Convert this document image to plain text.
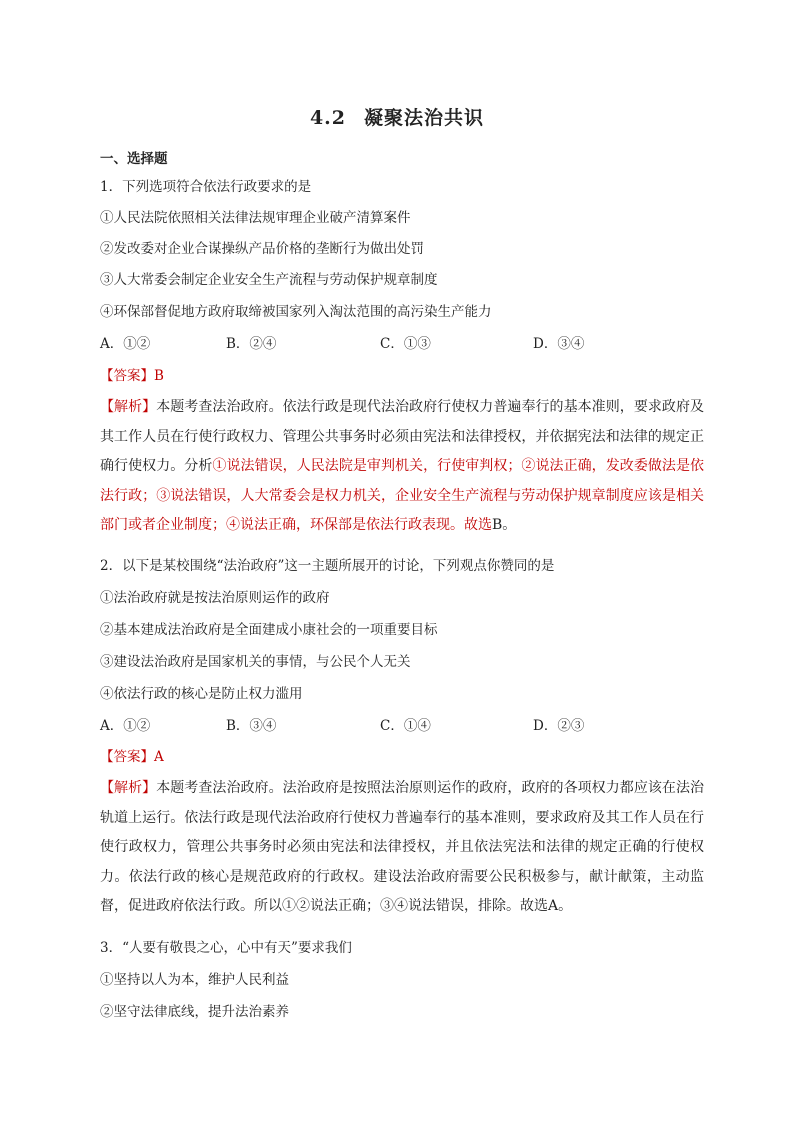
4.2 凝聚法治共识
一、选择题
1．下列选项符合依法行政要求的是
①人民法院依照相关法律法规审理企业破产清算案件
②发改委对企业合谋操纵产品价格的垄断行为做出处罚
③人大常委会制定企业安全生产流程与劳动保护规章制度
④环保部督促地方政府取缔被国家列入淘汰范围的高污染生产能力
A．①②	B．②④	C．①③	D．③④
【答案】B
【解析】本题考查法治政府。依法行政是现代法治政府行使权力普遍奉行的基本准则，要求政府及其工作人员在行使行政权力、管理公共事务时必须由宪法和法律授权，并依据宪法和法律的规定正确行使权力。分析①说法错误，人民法院是审判机关，行使审判权；②说法正确，发改委做法是依法行政；③说法错误，人大常委会是权力机关，企业安全生产流程与劳动保护规章制度应该是相关部门或者企业制度；④说法正确，环保部是依法行政表现。故选B。
2．以下是某校围绕“法治政府”这一主题所展开的讨论，下列观点你赞同的是
①法治政府就是按法治原则运作的政府
②基本建成法治政府是全面建成小康社会的一项重要目标
③建设法治政府是国家机关的事情，与公民个人无关
④依法行政的核心是防止权力滥用
A．①②	B．③④	C．①④	D．②③
【答案】A
【解析】本题考查法治政府。法治政府是按照法治原则运作的政府，政府的各项权力都应该在法治轨道上运行。依法行政是现代法治政府行使权力普遍奉行的基本准则，要求政府及其工作人员在行使行政权力，管理公共事务时必须由宪法和法律授权，并且依法宪法和法律的规定正确的行使权力。依法行政的核心是规范政府的行政权。建设法治政府需要公民积极参与，献计献策，主动监督，促进政府依法行政。所以①②说法正确；③④说法错误，排除。故选A。
3．“人要有敬畏之心，心中有天”要求我们
①坚持以人为本，维护人民利益
②坚守法律底线，提升法治素养
